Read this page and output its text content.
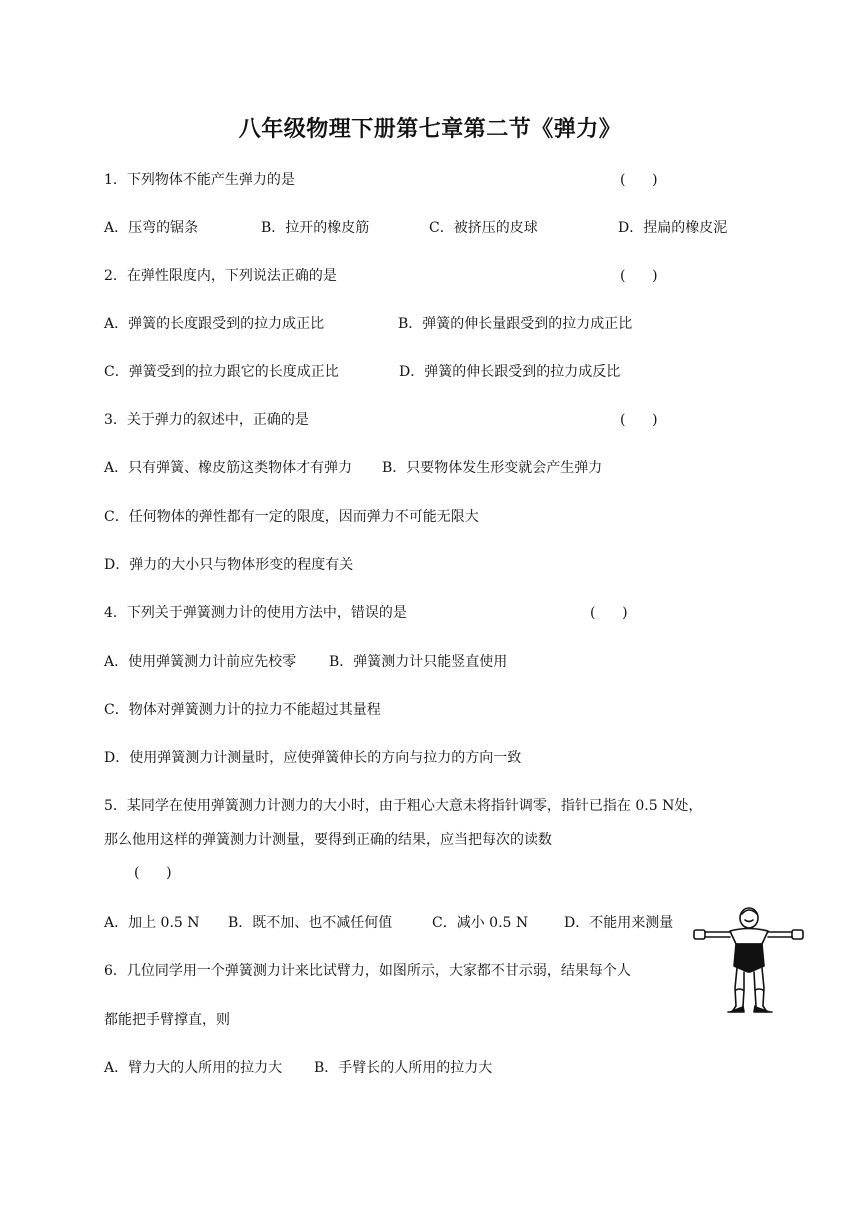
八年级物理下册第七章第二节《弹力》
1．下列物体不能产生弹力的是	(      )
A．压弯的锯条	B．拉开的橡皮筋	C．被挤压的皮球	D．捏扁的橡皮泥
2．在弹性限度内，下列说法正确的是	(      )
A．弹簧的长度跟受到的拉力成正比	B．弹簧的伸长量跟受到的拉力成正比
C．弹簧受到的拉力跟它的长度成正比	D．弹簧的伸长跟受到的拉力成反比
3．关于弹力的叙述中，正确的是	(      )
A．只有弹簧、橡皮筋这类物体才有弹力 B．只要物体发生形变就会产生弹力
C．任何物体的弹性都有一定的限度，因而弹力不可能无限大
D．弹力的大小只与物体形变的程度有关
4．下列关于弹簧测力计的使用方法中，错误的是	(      )
A．使用弹簧测力计前应先校零 B．弹簧测力计只能竖直使用
C．物体对弹簧测力计的拉力不能超过其量程
D．使用弹簧测力计测量时，应使弹簧伸长的方向与拉力的方向一致
5．某同学在使用弹簧测力计测力的大小时，由于粗心大意未将指针调零，指针已指在 0.5 N处，
那么他用这样的弹簧测力计测量，要得到正确的结果，应当把每次的读数
(      )
A．加上 0.5 N B．既不加、也不减任何值	C．减小 0.5 N	D．不能用来测量
6．几位同学用一个弹簧测力计来比试臂力，如图所示，大家都不甘示弱，结果每个人
都能把手臂撑直，则
A．臂力大的人所用的拉力大 B．手臂长的人所用的拉力大
